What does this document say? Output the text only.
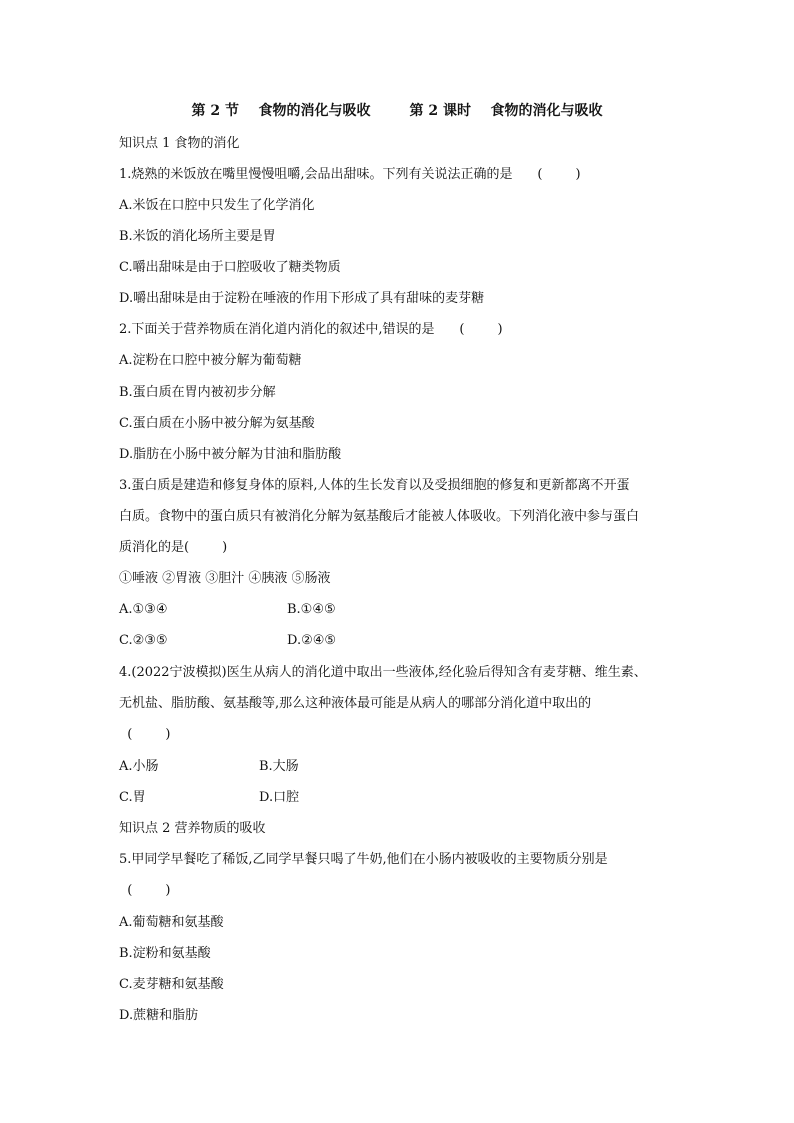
第 2 节    食物的消化与吸收        第 2 课时    食物的消化与吸收
知识点 1 食物的消化
1.烧熟的米饭放在嘴里慢慢咀嚼,会品出甜味。下列有关说法正确的是      (        )
A.米饭在口腔中只发生了化学消化
B.米饭的消化场所主要是胃
C.嚼出甜味是由于口腔吸收了糖类物质
D.嚼出甜味是由于淀粉在唾液的作用下形成了具有甜味的麦芽糖
2.下面关于营养物质在消化道内消化的叙述中,错误的是      (        )
A.淀粉在口腔中被分解为葡萄糖
B.蛋白质在胃内被初步分解
C.蛋白质在小肠中被分解为氨基酸
D.脂肪在小肠中被分解为甘油和脂肪酸
3.蛋白质是建造和修复身体的原料,人体的生长发育以及受损细胞的修复和更新都离不开蛋
白质。食物中的蛋白质只有被消化分解为氨基酸后才能被人体吸收。下列消化液中参与蛋白
质消化的是(        )
①唾液 ②胃液 ③胆汁 ④胰液 ⑤肠液
A.①③④	B.①④⑤
C.②③⑤	D.②④⑤
4.(2022宁波模拟)医生从病人的消化道中取出一些液体,经化验后得知含有麦芽糖、维生素、
无机盐、脂肪酸、氨基酸等,那么这种液体最可能是从病人的哪部分消化道中取出的
(        )
A.小肠	B.大肠
C.胃	D.口腔
知识点 2 营养物质的吸收
5.甲同学早餐吃了稀饭,乙同学早餐只喝了牛奶,他们在小肠内被吸收的主要物质分别是
(        )
A.葡萄糖和氨基酸
B.淀粉和氨基酸
C.麦芽糖和氨基酸
D.蔗糖和脂肪
